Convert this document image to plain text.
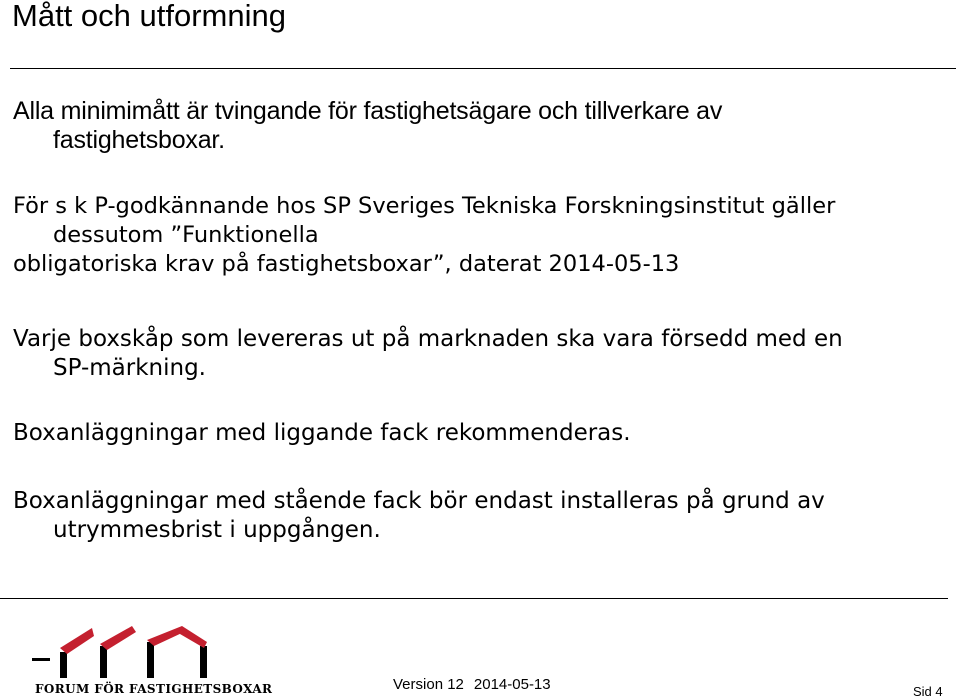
Mått och utformning

Alla minimimått är tvingande för fastighetsägare och tillverkare av
fastighetsboxar.

För s k P-godkännande hos SP Sveriges Tekniska Forskningsinstitut gäller
dessutom ”Funktionella
obligatoriska krav på fastighetsboxar”, daterat 2014-05-13

Varje boxskåp som levereras ut på marknaden ska vara försedd med en
SP-märkning.

Boxanläggningar med liggande fack rekommenderas.

Boxanläggningar med stående fack bör endast installeras på grund av
utrymmesbrist i uppgången.

FORUM FÖR FASTIGHETSBOXAR	Version 12 2014-05-13	Sid 4
